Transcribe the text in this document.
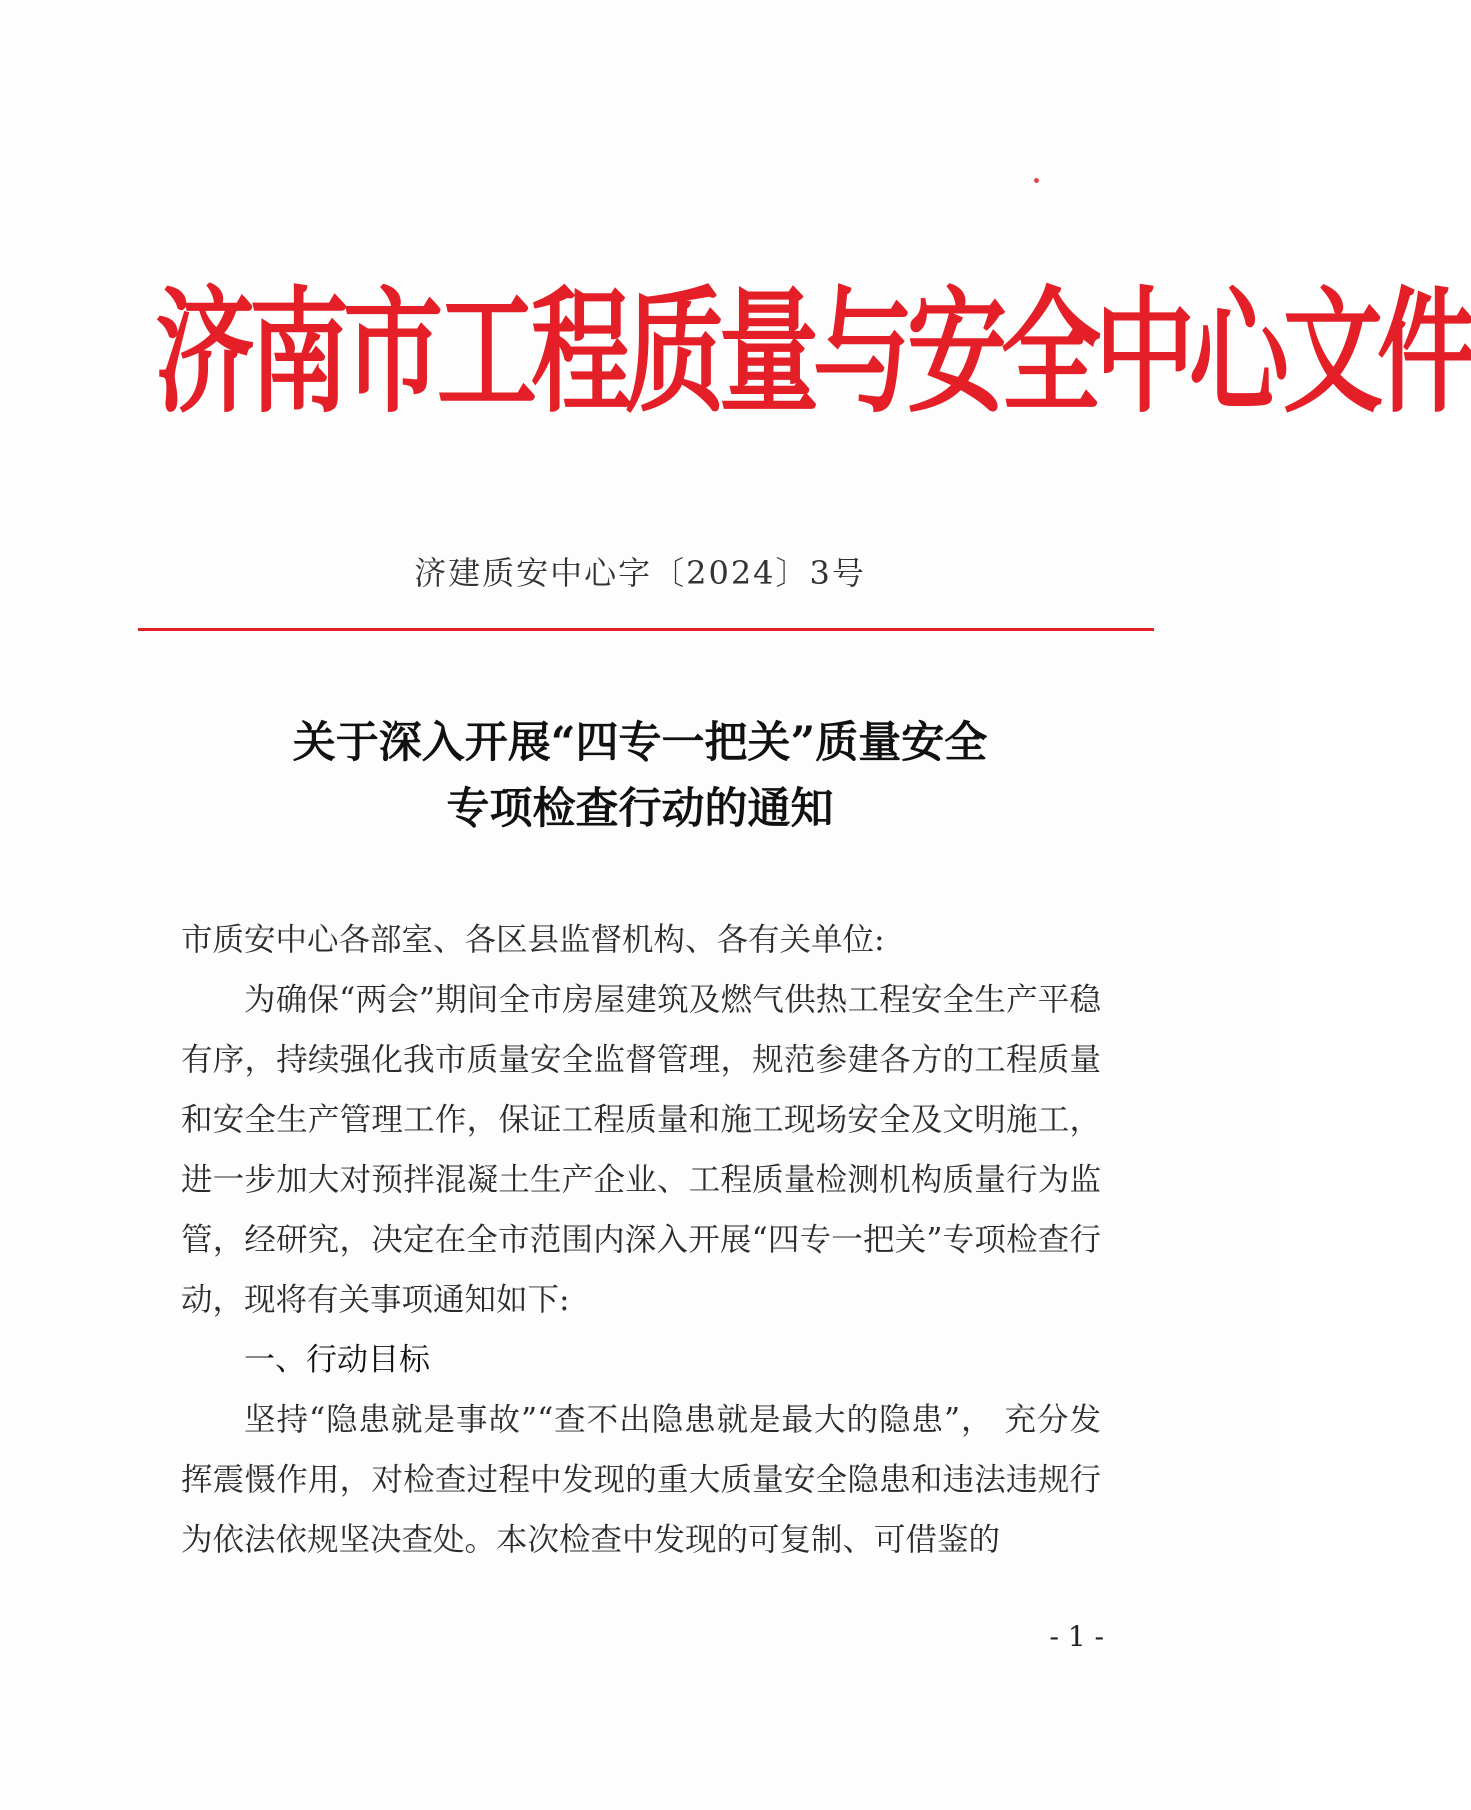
济南市工程质量与安全中心文件
济建质安中心字〔2024〕3号
关于深入开展“四专一把关”质量安全
专项检查行动的通知

市质安中心各部室、各区县监督机构、各有关单位:

为确保“两会”期间全市房屋建筑及燃气供热工程安全生产平稳有序，持续强化我市质量安全监督管理，规范参建各方的工程质量和安全生产管理工作，保证工程质量和施工现场安全及文明施工，进一步加大对预拌混凝土生产企业、工程质量检测机构质量行为监管，经研究，决定在全市范围内深入开展“四专一把关”专项检查行动，现将有关事项通知如下:

一、行动目标

坚持“隐患就是事故”“查不出隐患就是最大的隐患”， 充分发挥震慑作用，对检查过程中发现的重大质量安全隐患和违法违规行为依法依规坚决查处。本次检查中发现的可复制、可借鉴的

- 1 -
